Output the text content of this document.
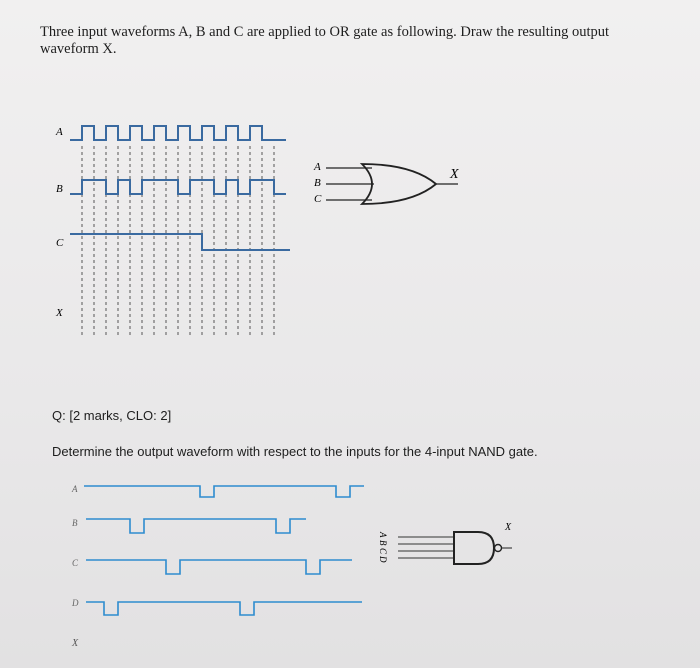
Three input waveforms A, B and C are applied to OR gate as following. Draw the resulting output waveform X.
A
B
C
X
A
B
C
X
A
B
C
D
X
A
B
C
D
X
Q: [2 marks, CLO: 2]
Determine the output waveform with respect to the inputs for the 4-input NAND gate.
